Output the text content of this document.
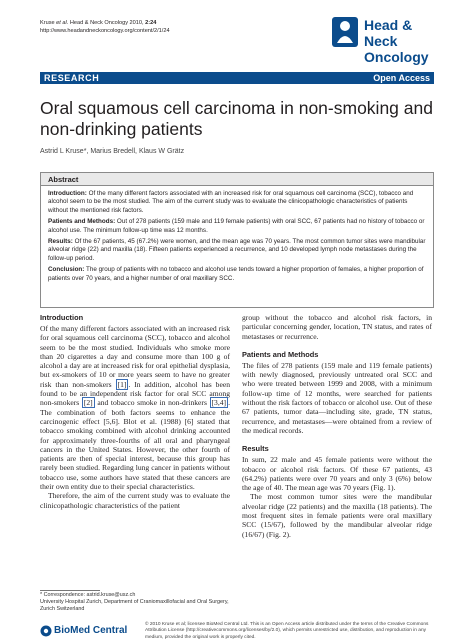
Kruse et al. Head & Neck Oncology 2010, 2:24
http://www.headandneckoncology.org/content/2/1/24	Head & Neck
Oncology
RESEARCH	Open Access
Oral squamous cell carcinoma in non-smoking and non-drinking patients
Astrid L Kruse*, Marius Bredell, Klaus W Grätz
Abstract

Introduction: Of the many different factors associated with an increased risk for oral squamous cell carcinoma (SCC), tobacco and alcohol seem to be the most studied. The aim of the current study was to evaluate the clinicopathologic characteristics of patients without the mentioned risk factors.

Patients and Methods: Out of 278 patients (159 male and 119 female patients) with oral SCC, 67 patients had no history of tobacco or alcohol use. The minimum follow-up time was 12 months.

Results: Of the 67 patients, 45 (67.2%) were women, and the mean age was 70 years. The most common tumor sites were mandibular alveolar ridge (22) and maxilla (18). Fifteen patients experienced a recurrence, and 10 developed lymph node metastases during the follow-up period.

Conclusion: The group of patients with no tobacco and alcohol use tends toward a higher proportion of females, a higher proportion of patients over 70 years, and a higher number of oral maxillary SCC.

Introduction

Of the many different factors associated with an increased risk for oral squamous cell carcinoma (SCC), tobacco and alcohol seem to be the most studied. Individuals who smoke more than 20 cigarettes a day and consume more than 100 g of alcohol a day are at increased risk for oral epithelial dysplasia, but ex-smokers of 10 or more years seem to have no greater risk than non-smokers [1] . In addition, alcohol has been found to be an independent risk factor for oral SCC among non-smokers [2] and tobacco smoke in non-drinkers [3,4] . The combination of both factors seems to enhance the carcinogenic effect [5,6]. Blot et al. (1988) [6] stated that tobacco smoking combined with alcohol drinking accounted for approximately three-fourths of all oral and pharyngeal cancers in the United States. However, the other fourth of patients are then of special interest, because this group has rarely been studied. Regarding lung cancer in patients without tobacco use, some authors have stated that these cancers are their own entity due to their special characteristics.

Therefore, the aim of the current study was to evaluate the clinicopathologic characteristics of the patient

group without the tobacco and alcohol risk factors, in particular concerning gender, location, TN status, and rates of metastases or recurrence.

Patients and Methods

The files of 278 patients (159 male and 119 female patients) with newly diagnosed, previously untreated oral SCC and who were treated between 1999 and 2008, with a minimum follow-up time of 12 months, were searched for patients without the risk factors of tobacco or alcohol use. Out of these 67 patients, tumor data—including site, grade, TN status, recurrence, and metastases—were obtained from a review of the medical records.

Results

In sum, 22 male and 45 female patients were without the tobacco or alcohol risk factors. Of these 67 patients, 43 (64.2%) patients were over 70 years and only 3 (6%) below the age of 40. The mean age was 70 years (Fig. 1).

The most common tumor sites were the mandibular alveolar ridge (22 patients) and the maxilla (18 patients). The most frequent sites in female patients were oral maxillary SCC (15/67), followed by the mandibular alveolar ridge (16/67) (Fig. 2).

* Correspondence: astrid.kruse@usz.ch
University Hospital Zurich, Department of Craniomaxillofacial and Oral Surgery, Zurich Switzerland
BioMed Central
© 2010 Kruse et al; licensee BioMed Central Ltd. This is an Open Access article distributed under the terms of the Creative Commons Attribution License (http://creativecommons.org/licenses/by/2.0), which permits unrestricted use, distribution, and reproduction in any medium, provided the original work is properly cited.
